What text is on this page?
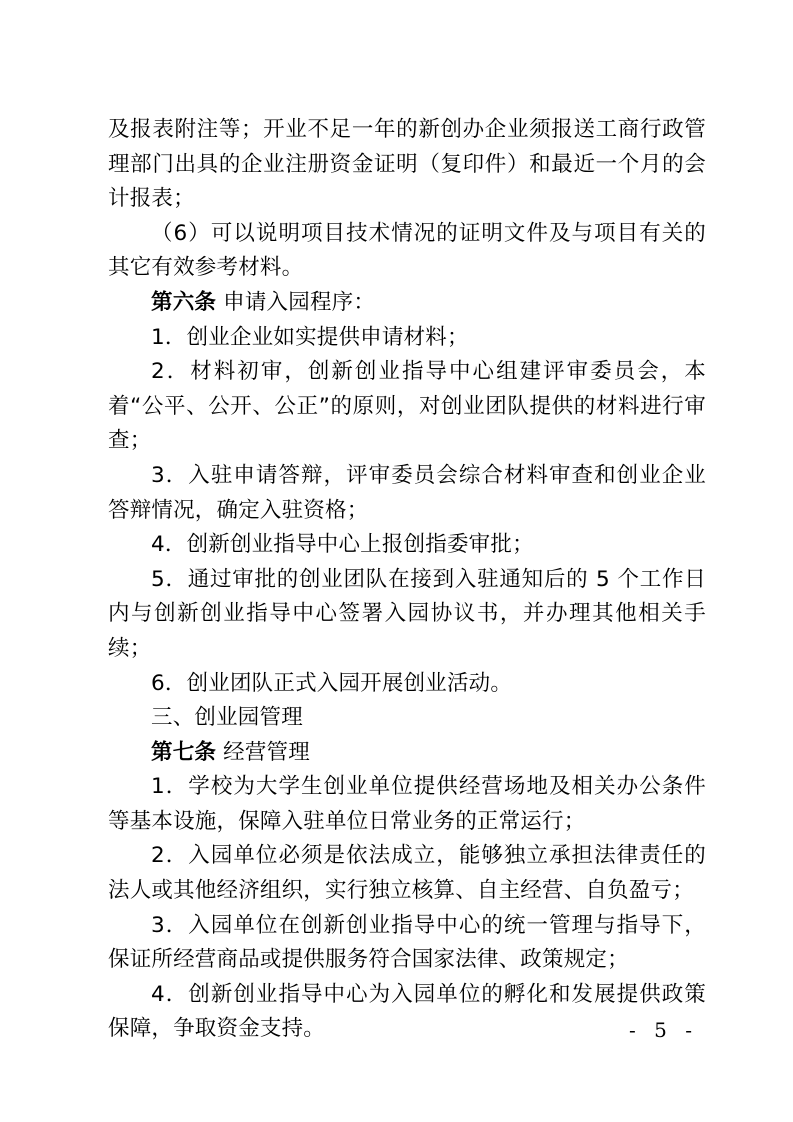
及报表附注等；开业不足一年的新创办企业须报送工商行政管理部门出具的企业注册资金证明（复印件）和最近一个月的会计报表；

（6）可以说明项目技术情况的证明文件及与项目有关的其它有效参考材料。

第六条 申请入园程序：

1．创业企业如实提供申请材料；

2．材料初审，创新创业指导中心组建评审委员会，本着“公平、公开、公正”的原则，对创业团队提供的材料进行审查；

3．入驻申请答辩，评审委员会综合材料审查和创业企业答辩情况，确定入驻资格；

4．创新创业指导中心上报创指委审批；

5．通过审批的创业团队在接到入驻通知后的 5 个工作日内与创新创业指导中心签署入园协议书，并办理其他相关手续；

6．创业团队正式入园开展创业活动。

三、创业园管理

第七条 经营管理

1．学校为大学生创业单位提供经营场地及相关办公条件等基本设施，保障入驻单位日常业务的正常运行；

2．入园单位必须是依法成立，能够独立承担法律责任的法人或其他经济组织，实行独立核算、自主经营、自负盈亏；

3．入园单位在创新创业指导中心的统一管理与指导下，保证所经营商品或提供服务符合国家法律、政策规定；

4．创新创业指导中心为入园单位的孵化和发展提供政策保障，争取资金支持。	- 5 -
